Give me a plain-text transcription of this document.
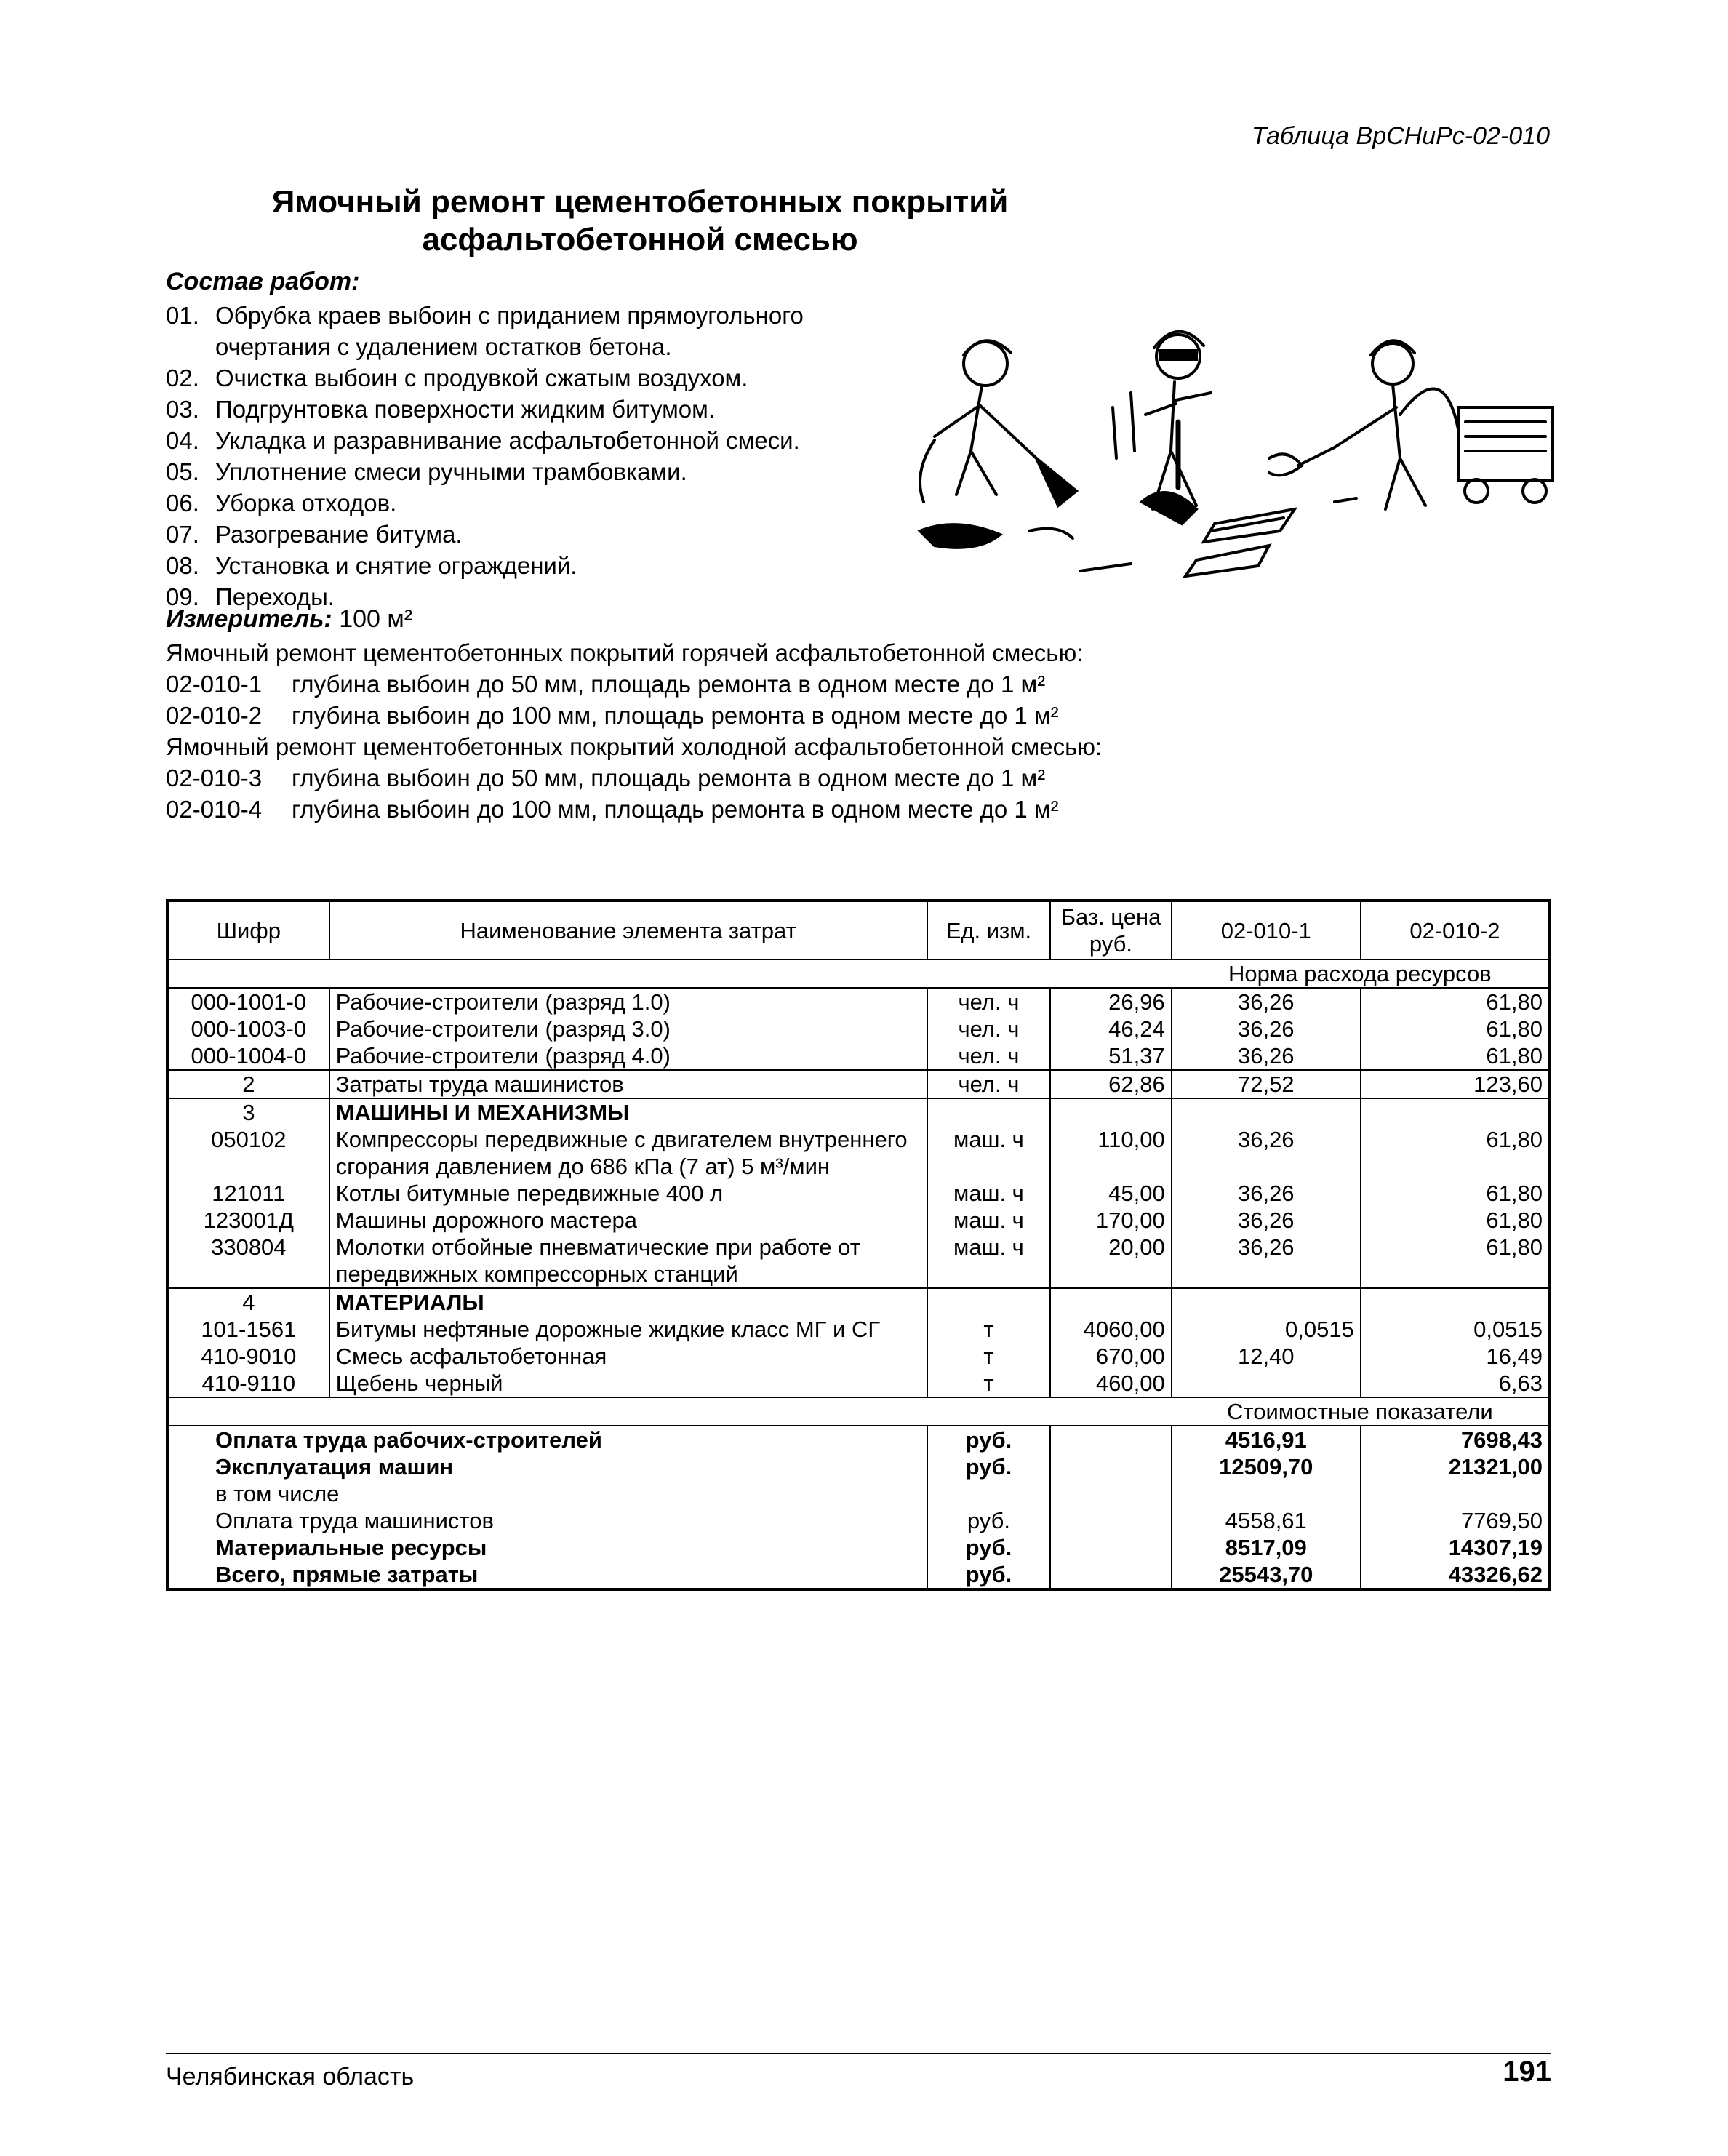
Таблица ВрСНиРс-02-010
Ямочный ремонт цементобетонных покрытий
асфальтобетонной смесью
Состав работ:
01. Обрубка краев выбоин с приданием прямоугольного
очертания с удалением остатков бетона.
02. Очистка выбоин с продувкой сжатым воздухом.
03. Подгрунтовка поверхности жидким битумом.
04. Укладка и разравнивание асфальтобетонной смеси.
05. Уплотнение смеси ручными трамбовками.
06. Уборка отходов.
07. Разогревание битума.
08. Установка и снятие ограждений.
09. Переходы.
Измеритель: 100 м²
Ямочный ремонт цементобетонных покрытий горячей асфальтобетонной смесью:
02-010-1 глубина выбоин до 50 мм, площадь ремонта в одном месте до 1 м²
02-010-2 глубина выбоин до 100 мм, площадь ремонта в одном месте до 1 м²
Ямочный ремонт цементобетонных покрытий холодной асфальтобетонной смесью:
02-010-3 глубина выбоин до 50 мм, площадь ремонта в одном месте до 1 м²
02-010-4 глубина выбоин до 100 мм, площадь ремонта в одном месте до 1 м²
Шифр	Наименование элемента затрат	Ед. изм.	Баз. цена руб.	02-010-1	02-010-2
				Норма расхода ресурсов	
000-1001-0	Рабочие-строители (разряд 1.0)	чел. ч	26,96	36,26	61,80
000-1003-0	Рабочие-строители (разряд 3.0)	чел. ч	46,24	36,26	61,80
000-1004-0	Рабочие-строители (разряд 4.0)	чел. ч	51,37	36,26	61,80
2	Затраты труда машинистов	чел. ч	62,86	72,52	123,60
3	МАШИНЫ И МЕХАНИЗМЫ				
050102	Компрессоры передвижные с двигателем внутреннего сгорания давлением до 686 кПа (7 ат) 5 м³/мин	маш. ч	110,00	36,26	61,80
121011	Котлы битумные передвижные 400 л	маш. ч	45,00	36,26	61,80
123001Д	Машины дорожного мастера	маш. ч	170,00	36,26	61,80
330804	Молотки отбойные пневматические при работе от передвижных компрессорных станций	маш. ч	20,00	36,26	61,80
4	МАТЕРИАЛЫ				
101-1561	Битумы нефтяные дорожные жидкие класс МГ и СГ	т	4060,00	0,0515	0,0515
410-9010	Смесь асфальтобетонная	т	670,00	12,40	16,49
410-9110	Щебень черный	т	460,00		6,63
				Стоимостные показатели	
Оплата труда рабочих-строителей		руб.		4516,91	7698,43
Эксплуатация машин		руб.		12509,70	21321,00
в том числе					
Оплата труда машинистов		руб.		4558,61	7769,50
Материальные ресурсы		руб.		8517,09	14307,19
Всего, прямые затраты		руб.		25543,70	43326,62
Челябинская область	191
